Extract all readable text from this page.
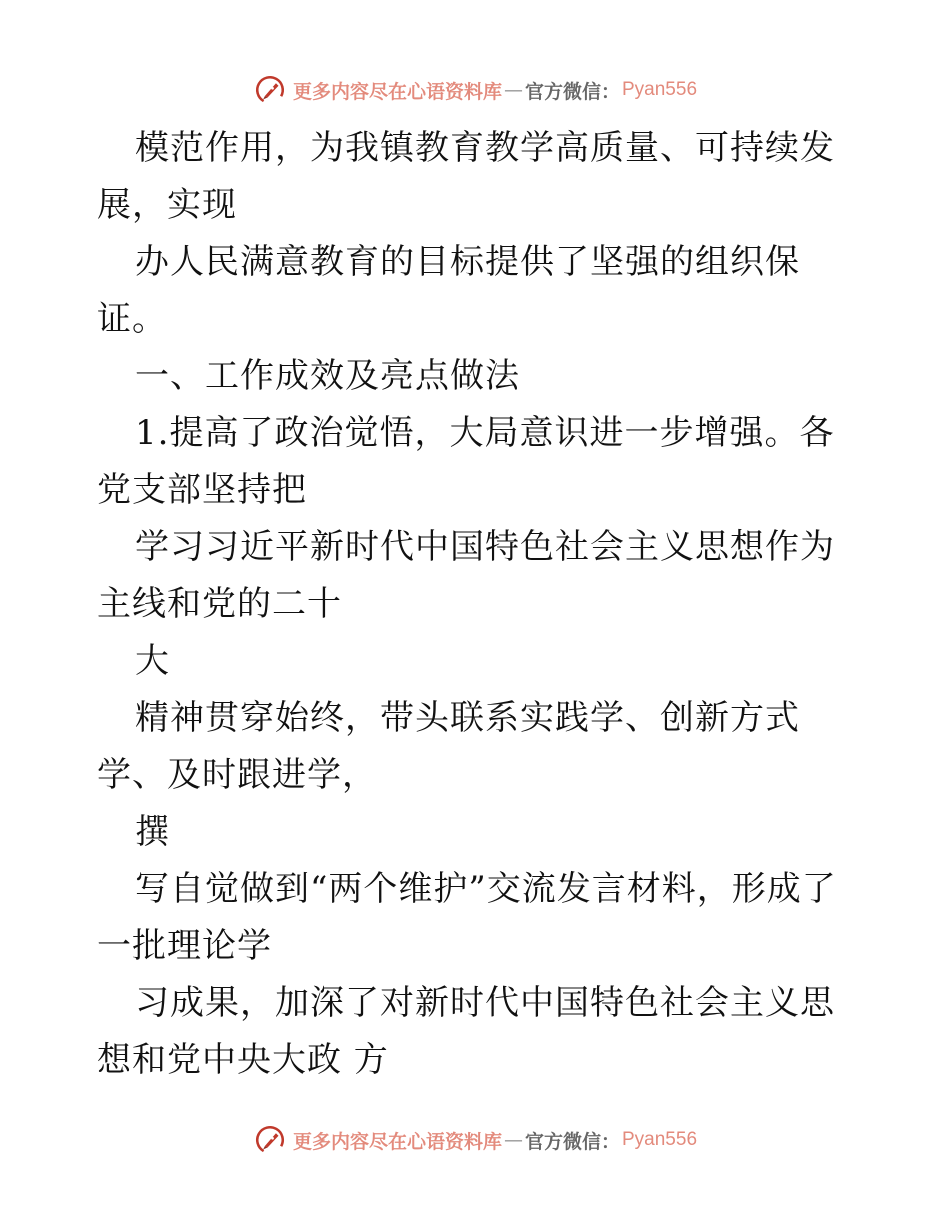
更多内容尽在心语资料库 — 官方微信： Pyan556

模范作用，为我镇教育教学高质量、可持续发展，实现

办人民满意教育的目标提供了坚强的组织保证。

一、工作成效及亮点做法

1.提高了政治觉悟，大局意识进一步增强。各党支部坚持把

学习习近平新时代中国特色社会主义思想作为主线和党的二十

大

精神贯穿始终，带头联系实践学、创新方式学、及时跟进学，

撰

写自觉做到“两个维护”交流发言材料，形成了一批理论学

习成果，加深了对新时代中国特色社会主义思想和党中央大政 方

更多内容尽在心语资料库 — 官方微信： Pyan556
